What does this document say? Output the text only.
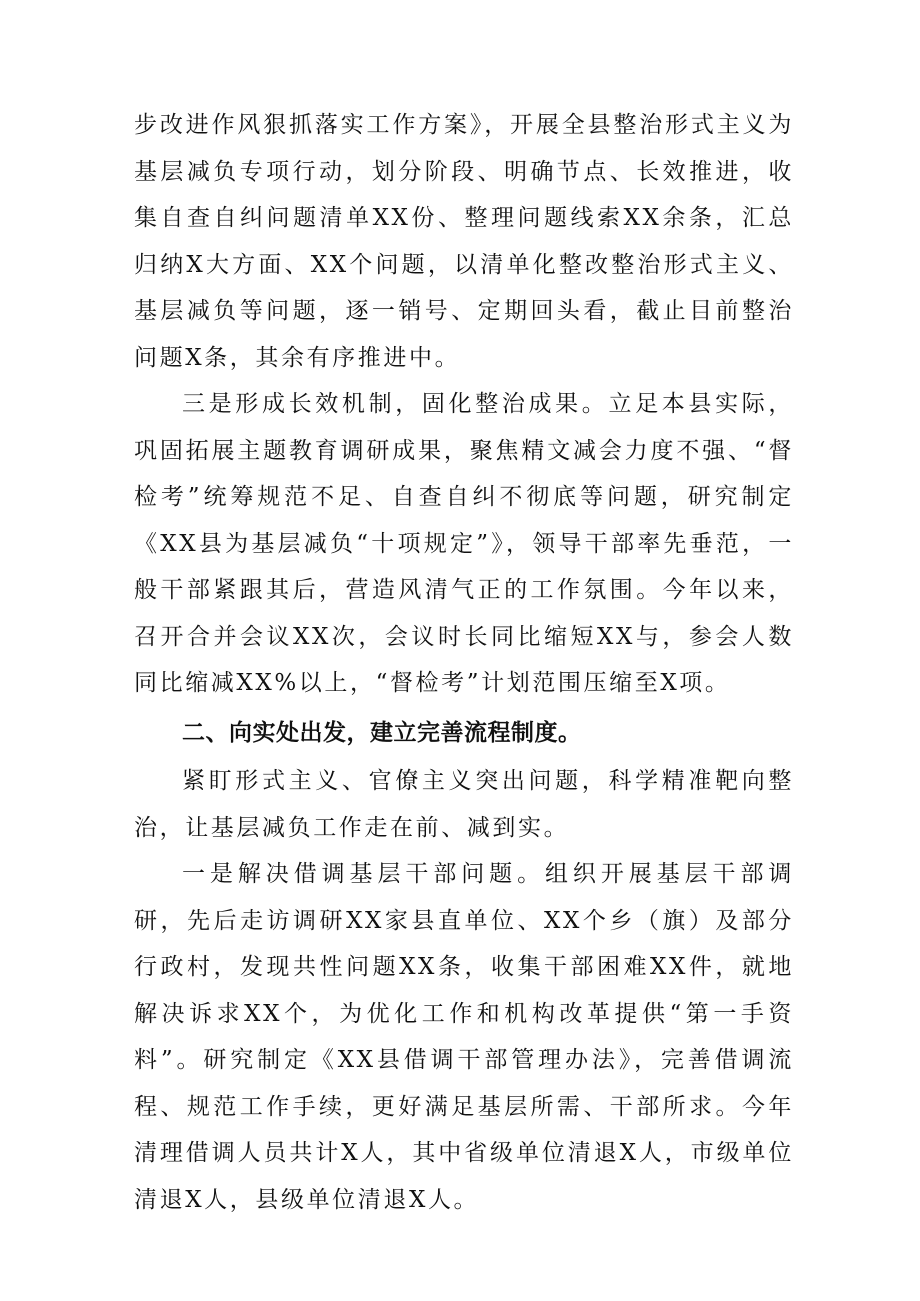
步改进作风狠抓落实工作方案》，开展全县整治形式主义为基层减负专项行动，划分阶段、明确节点、长效推进，收集自查自纠问题清单XX份、整理问题线索XX余条，汇总归纳X大方面、XX个问题，以清单化整改整治形式主义、基层减负等问题，逐一销号、定期回头看，截止目前整治问题X条，其余有序推进中。

三是形成长效机制，固化整治成果。立足本县实际，巩固拓展主题教育调研成果，聚焦精文减会力度不强、“督检考”统筹规范不足、自查自纠不彻底等问题，研究制定《XX县为基层减负“十项规定”》，领导干部率先垂范，一般干部紧跟其后，营造风清气正的工作氛围。今年以来，召开合并会议XX次，会议时长同比缩短XX与，参会人数同比缩减XX%以上，“督检考”计划范围压缩至X项。

二、向实处出发，建立完善流程制度。

紧盯形式主义、官僚主义突出问题，科学精准靶向整治，让基层减负工作走在前、减到实。

一是解决借调基层干部问题。组织开展基层干部调研，先后走访调研XX家县直单位、XX个乡（旗）及部分行政村，发现共性问题XX条，收集干部困难XX件，就地解决诉求XX个，为优化工作和机构改革提供“第一手资料”。研究制定《XX县借调干部管理办法》，完善借调流程、规范工作手续，更好满足基层所需、干部所求。今年清理借调人员共计X人，其中省级单位清退X人，市级单位清退X人，县级单位清退X人。
